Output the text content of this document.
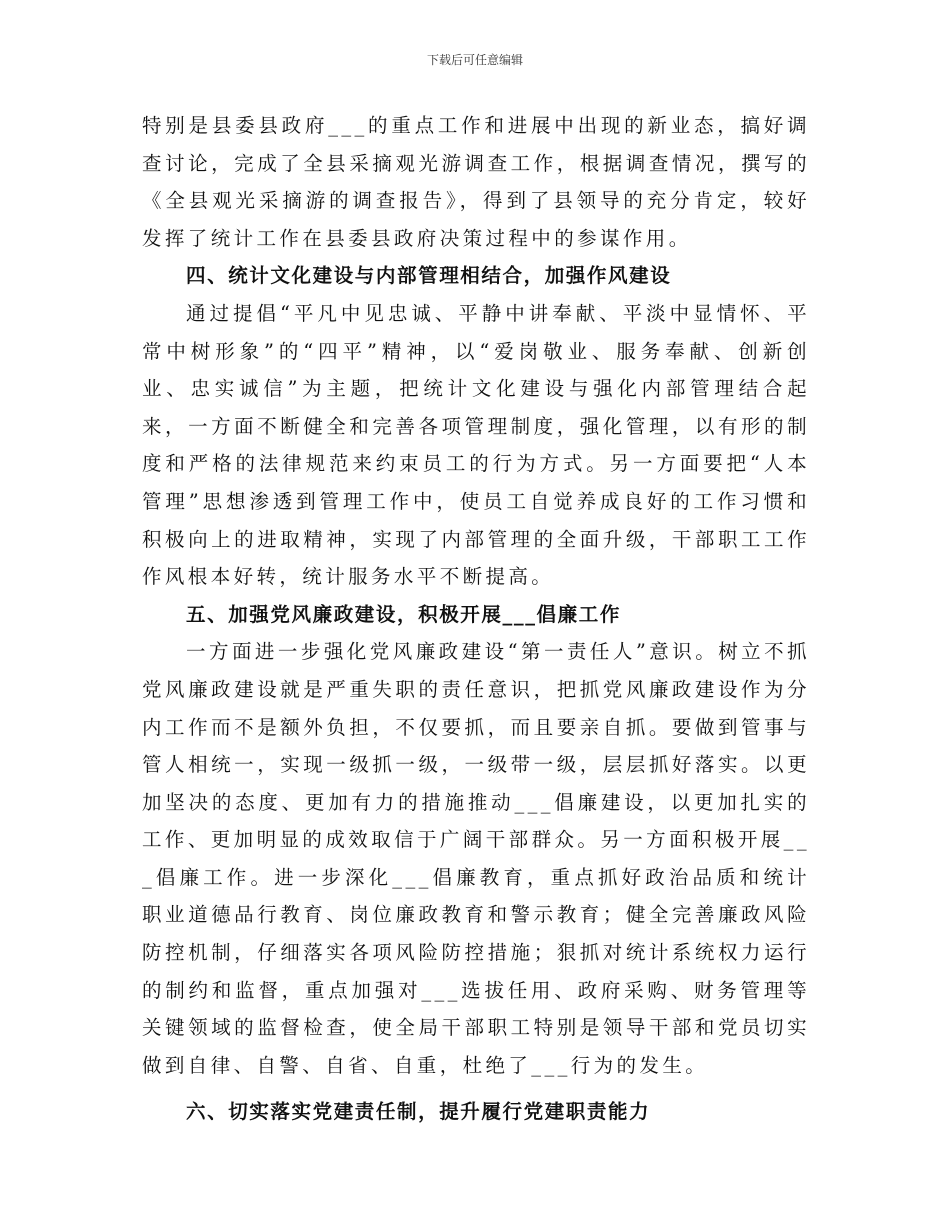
下载后可任意编辑

特别是县委县政府___的重点工作和进展中出现的新业态，搞好调查讨论，完成了全县采摘观光游调查工作，根据调查情况，撰写的《全县观光采摘游的调查报告》，得到了县领导的充分肯定，较好发挥了统计工作在县委县政府决策过程中的参谋作用。

四、统计文化建设与内部管理相结合，加强作风建设

通过提倡“平凡中见忠诚、平静中讲奉献、平淡中显情怀、平常中树形象”的“四平”精神，以“爱岗敬业、服务奉献、创新创业、忠实诚信”为主题，把统计文化建设与强化内部管理结合起来，一方面不断健全和完善各项管理制度，强化管理，以有形的制度和严格的法律规范来约束员工的行为方式。另一方面要把“人本管理”思想渗透到管理工作中，使员工自觉养成良好的工作习惯和积极向上的进取精神，实现了内部管理的全面升级，干部职工工作作风根本好转，统计服务水平不断提高。

五、加强党风廉政建设，积极开展___倡廉工作

一方面进一步强化党风廉政建设“第一责任人”意识。树立不抓党风廉政建设就是严重失职的责任意识，把抓党风廉政建设作为分内工作而不是额外负担，不仅要抓，而且要亲自抓。要做到管事与管人相统一，实现一级抓一级，一级带一级，层层抓好落实。以更加坚决的态度、更加有力的措施推动___倡廉建设，以更加扎实的工作、更加明显的成效取信于广阔干部群众。另一方面积极开展___倡廉工作。进一步深化___倡廉教育，重点抓好政治品质和统计职业道德品行教育、岗位廉政教育和警示教育；健全完善廉政风险防控机制，仔细落实各项风险防控措施；狠抓对统计系统权力运行的制约和监督，重点加强对___选拔任用、政府采购、财务管理等关键领域的监督检查，使全局干部职工特别是领导干部和党员切实做到自律、自警、自省、自重，杜绝了___行为的发生。

六、切实落实党建责任制，提升履行党建职责能力
